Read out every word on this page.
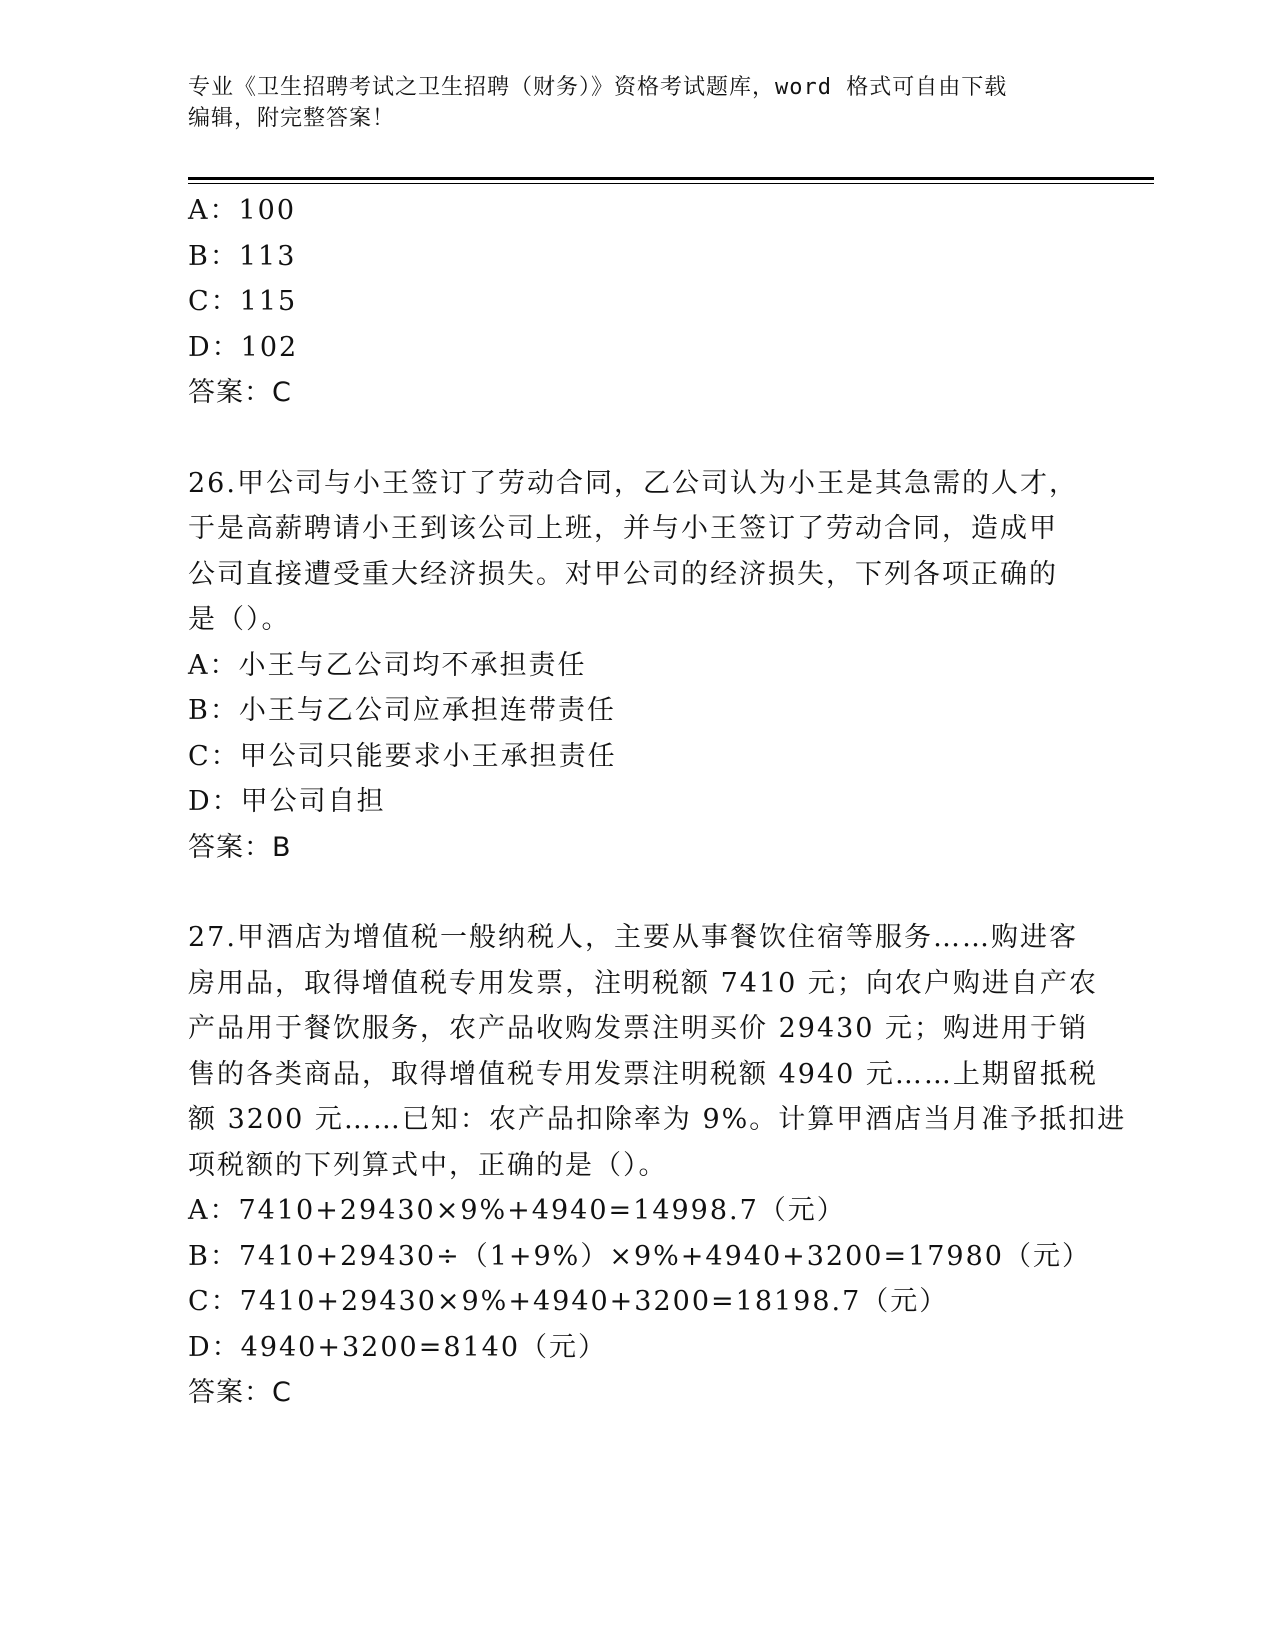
专业《卫生招聘考试之卫生招聘（财务）》资格考试题库，word 格式可自由下载
编辑，附完整答案！
A：100
B：113
C：115
D：102
答案：C
26.甲公司与小王签订了劳动合同，乙公司认为小王是其急需的人才，
于是高薪聘请小王到该公司上班，并与小王签订了劳动合同，造成甲
公司直接遭受重大经济损失。对甲公司的经济损失，下列各项正确的
是（）。
A：小王与乙公司均不承担责任
B：小王与乙公司应承担连带责任
C：甲公司只能要求小王承担责任
D：甲公司自担
答案：B
27.甲酒店为增值税一般纳税人，主要从事餐饮住宿等服务……购进客
房用品，取得增值税专用发票，注明税额 7410 元；向农户购进自产农
产品用于餐饮服务，农产品收购发票注明买价 29430 元；购进用于销
售的各类商品，取得增值税专用发票注明税额 4940 元……上期留抵税
额 3200 元……已知：农产品扣除率为 9%。计算甲酒店当月准予抵扣进
项税额的下列算式中，正确的是（）。
A：7410+29430×9%+4940=14998.7（元）
B：7410+29430÷（1+9%）×9%+4940+3200=17980（元）
C：7410+29430×9%+4940+3200=18198.7（元）
D：4940+3200=8140（元）
答案：C
